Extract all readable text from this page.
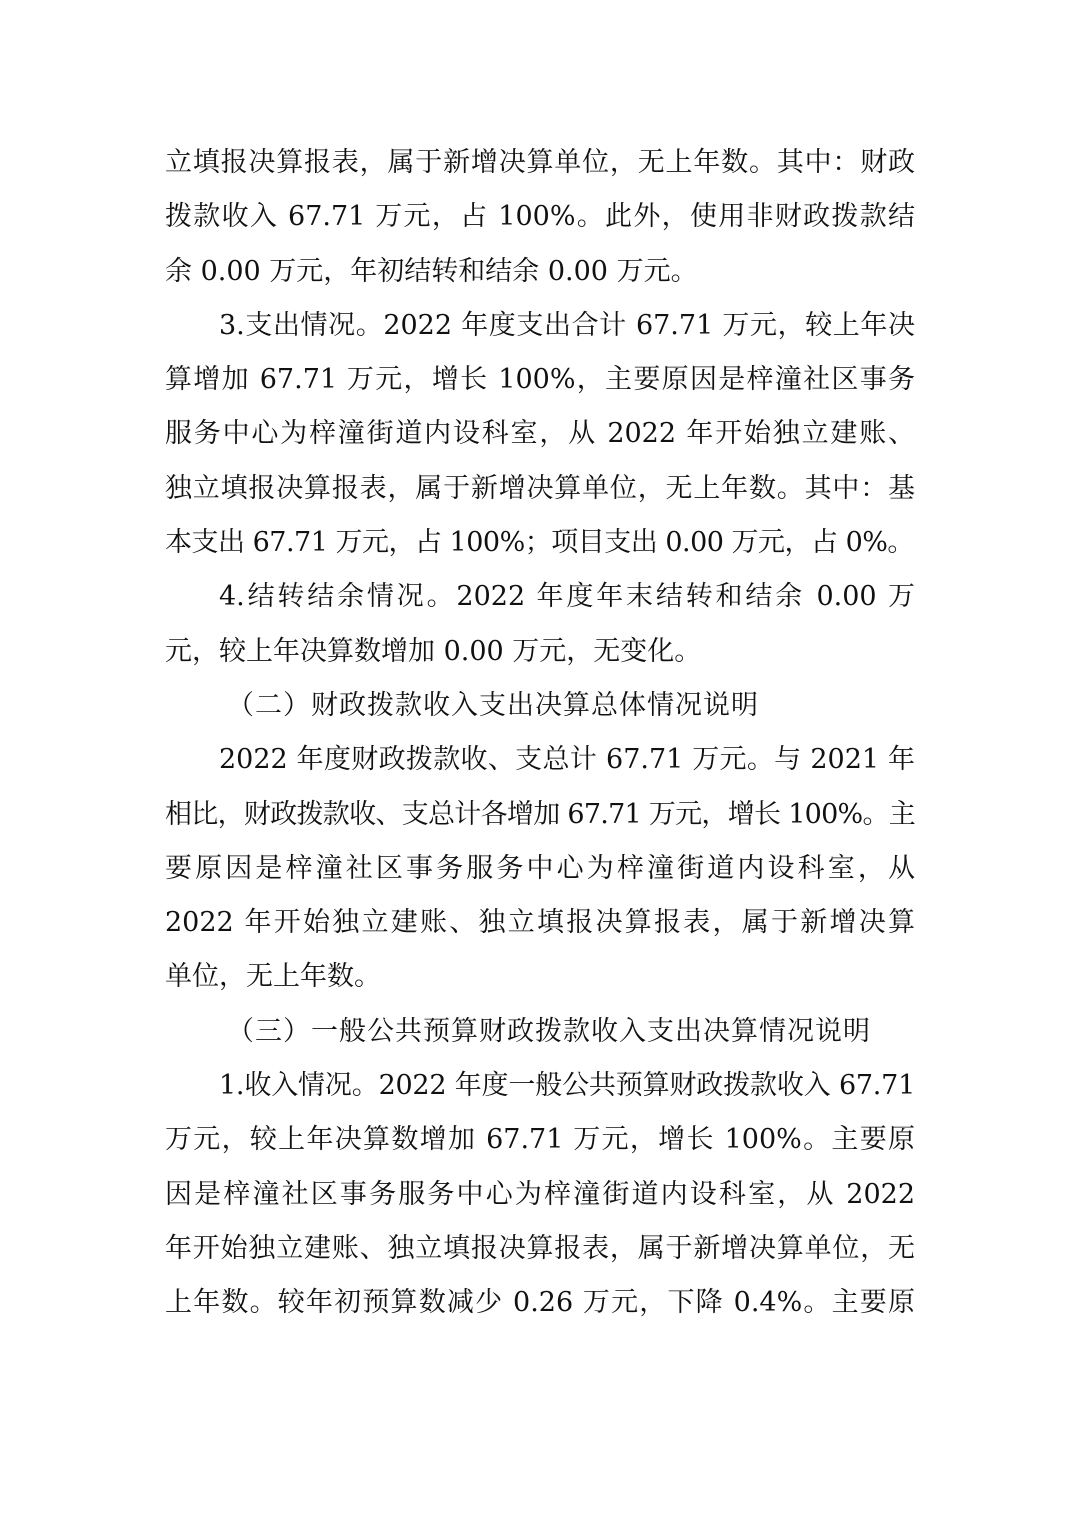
立填报决算报表，属于新增决算单位，无上年数。其中：财政
拨款收入 67.71 万元，占 100%。此外，使用非财政拨款结
余 0.00 万元，年初结转和结余 0.00 万元。
3.支出情况。2022 年度支出合计 67.71 万元，较上年决
算增加 67.71 万元，增长 100%，主要原因是梓潼社区事务
服务中心为梓潼街道内设科室，从 2022 年开始独立建账、
独立填报决算报表，属于新增决算单位，无上年数。其中：基
本支出 67.71 万元，占 100%；项目支出 0.00 万元，占 0%。
4.结转结余情况。2022 年度年末结转和结余 0.00 万
元，较上年决算数增加 0.00 万元，无变化。
（二）财政拨款收入支出决算总体情况说明
2022 年度财政拨款收、支总计 67.71 万元。与 2021 年
相比，财政拨款收、支总计各增加 67.71 万元，增长 100%。主
要原因是梓潼社区事务服务中心为梓潼街道内设科室，从
2022 年开始独立建账、独立填报决算报表，属于新增决算
单位，无上年数。
（三）一般公共预算财政拨款收入支出决算情况说明
1.收入情况。2022 年度一般公共预算财政拨款收入 67.71
万元，较上年决算数增加 67.71 万元，增长 100%。主要原
因是梓潼社区事务服务中心为梓潼街道内设科室，从 2022
年开始独立建账、独立填报决算报表，属于新增决算单位，无
上年数。较年初预算数减少 0.26 万元，下降 0.4%。主要原
